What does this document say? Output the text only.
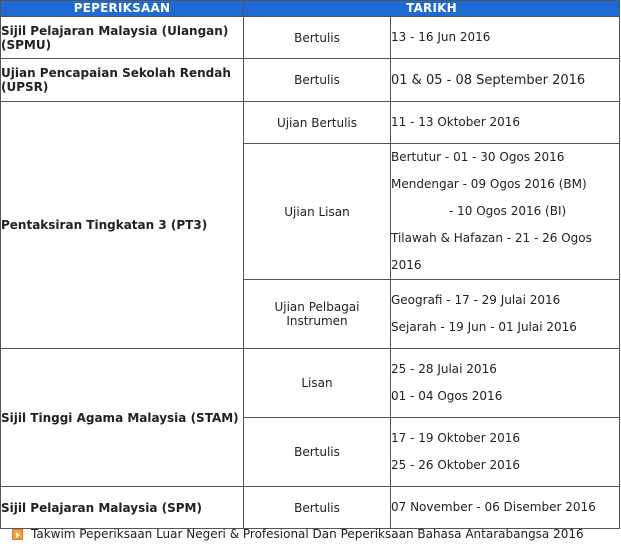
PEPERIKSAAN	TARIKH	
Sijil Pelajaran Malaysia (Ulangan) (SPMU)	Bertulis	13 - 16 Jun 2016

Ujian Pencapaian Sekolah Rendah (UPSR)	Bertulis	01 & 05 - 08 September 2016

Pentaksiran Tingkatan 3 (PT3)	Ujian Bertulis	11 - 13 Oktober 2016

	Ujian Lisan	Bertutur - 01 - 30 Ogos 2016
Mendengar - 09 Ogos 2016 (BM)
- 10 Ogos 2016 (BI)
Tilawah & Hafazan - 21 - 26 Ogos 2016

	Ujian Pelbagai Instrumen	Geografi - 17 - 29 Julai 2016
Sejarah - 19 Jun - 01 Julai 2016

Sijil Tinggi Agama Malaysia (STAM)	Lisan	25 - 28 Julai 2016
01 - 04 Ogos 2016

	Bertulis	17 - 19 Oktober 2016
25 - 26 Oktober 2016

Sijil Pelajaran Malaysia (SPM)	Bertulis	07 November - 06 Disember 2016
Takwim Peperiksaan Luar Negeri & Profesional Dan Peperiksaan Bahasa Antarabangsa 2016
